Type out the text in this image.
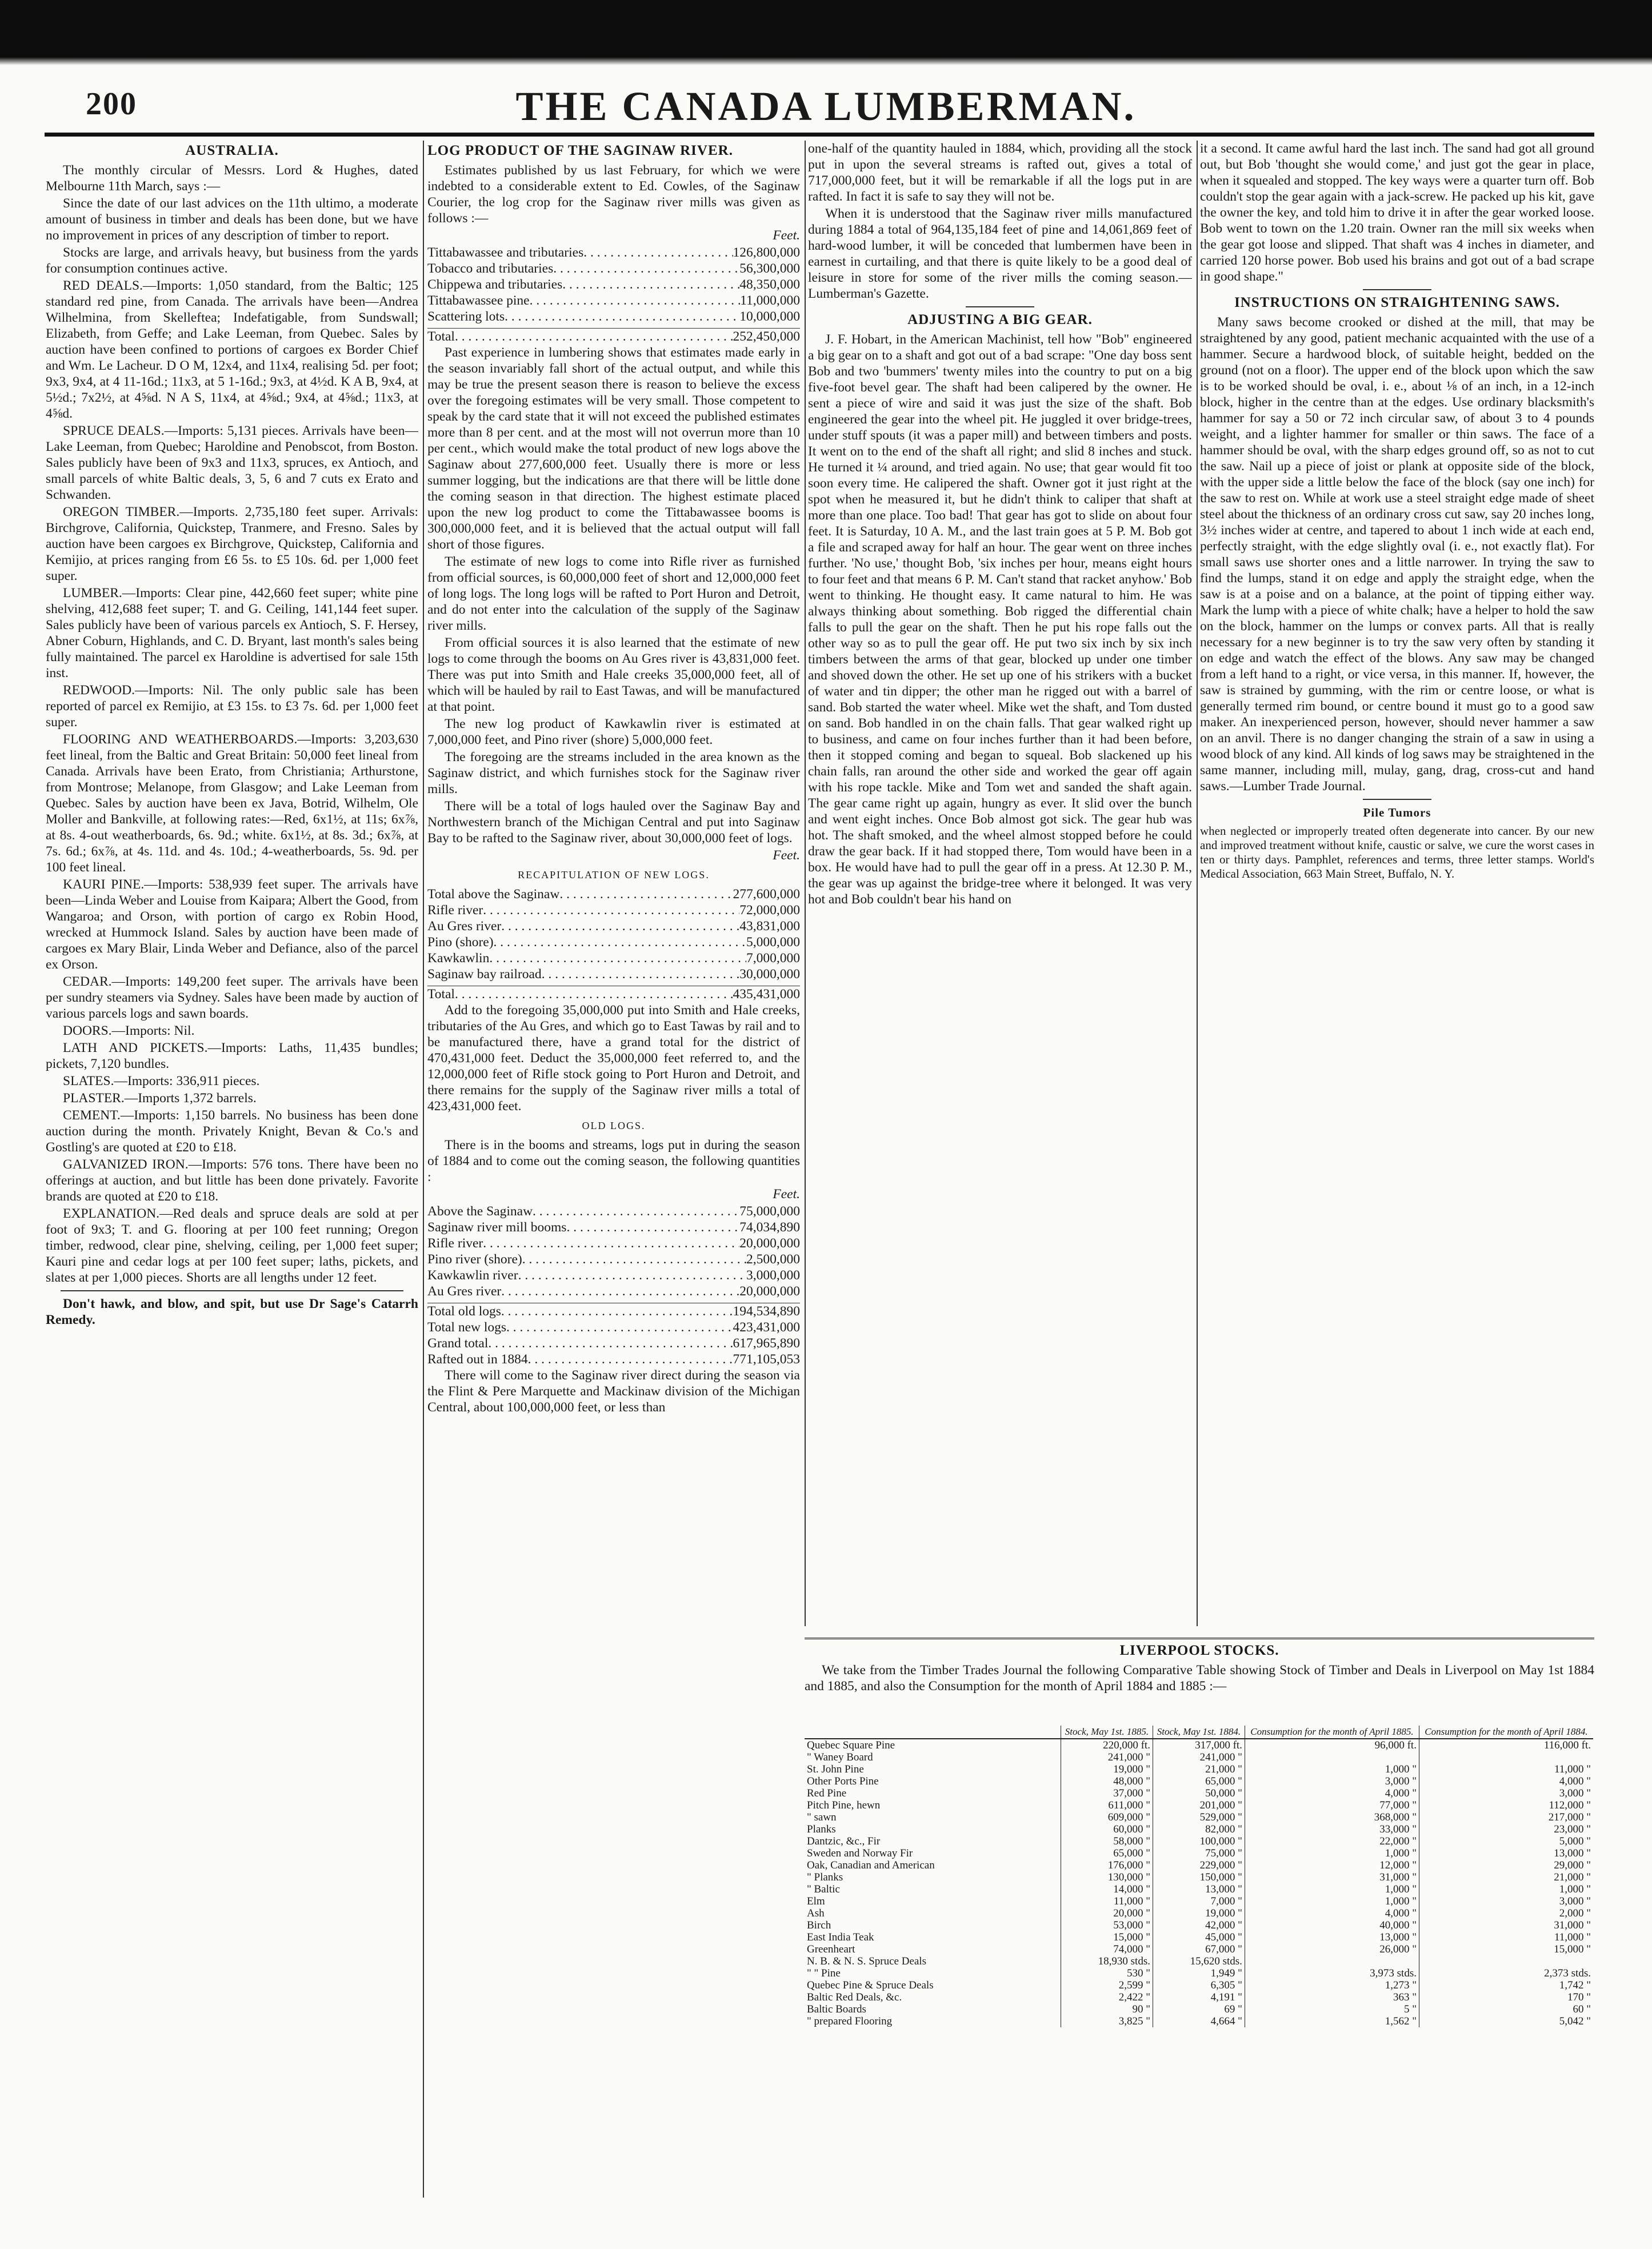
200	THE CANADA LUMBERMAN.
AUSTRALIA.

The monthly circular of Messrs. Lord & Hughes, dated Melbourne 11th March, says :—

Since the date of our last advices on the 11th ultimo, a moderate amount of business in timber and deals has been done, but we have no improvement in prices of any description of timber to report.

Stocks are large, and arrivals heavy, but business from the yards for consumption continues active.

RED DEALS.—Imports: 1,050 standard, from the Baltic; 125 standard red pine, from Canada. The arrivals have been—Andrea Wilhelmina, from Skelleftea; Indefatigable, from Sundswall; Elizabeth, from Geffe; and Lake Leeman, from Quebec. Sales by auction have been confined to portions of cargoes ex Border Chief and Wm. Le Lacheur. D O M, 12x4, and 11x4, realising 5d. per foot; 9x3, 9x4, at 4 11-16d.; 11x3, at 5 1-16d.; 9x3, at 4½d. K A B, 9x4, at 5½d.; 7x2½, at 4⅝d. N A S, 11x4, at 4⅝d.; 9x4, at 4⅝d.; 11x3, at 4⅝d.

SPRUCE DEALS.—Imports: 5,131 pieces. Arrivals have been—Lake Leeman, from Quebec; Haroldine and Penobscot, from Boston. Sales publicly have been of 9x3 and 11x3, spruces, ex Antioch, and small parcels of white Baltic deals, 3, 5, 6 and 7 cuts ex Erato and Schwanden.

OREGON TIMBER.—Imports. 2,735,180 feet super. Arrivals: Birchgrove, California, Quickstep, Tranmere, and Fresno. Sales by auction have been cargoes ex Birchgrove, Quickstep, California and Kemijio, at prices ranging from £6 5s. to £5 10s. 6d. per 1,000 feet super.

LUMBER.—Imports: Clear pine, 442,660 feet super; white pine shelving, 412,688 feet super; T. and G. Ceiling, 141,144 feet super. Sales publicly have been of various parcels ex Antioch, S. F. Hersey, Abner Coburn, Highlands, and C. D. Bryant, last month's sales being fully maintained. The parcel ex Haroldine is advertised for sale 15th inst.

REDWOOD.—Imports: Nil. The only public sale has been reported of parcel ex Remijio, at £3 15s. to £3 7s. 6d. per 1,000 feet super.

FLOORING AND WEATHERBOARDS.—Imports: 3,203,630 feet lineal, from the Baltic and Great Britain: 50,000 feet lineal from Canada. Arrivals have been Erato, from Christiania; Arthurstone, from Montrose; Melanope, from Glasgow; and Lake Leeman from Quebec. Sales by auction have been ex Java, Botrid, Wilhelm, Ole Moller and Bankville, at following rates:—Red, 6x1½, at 11s; 6x⅞, at 8s. 4-out weatherboards, 6s. 9d.; white. 6x1½, at 8s. 3d.; 6x⅞, at 7s. 6d.; 6x⅞, at 4s. 11d. and 4s. 10d.; 4-weatherboards, 5s. 9d. per 100 feet lineal.

KAURI PINE.—Imports: 538,939 feet super. The arrivals have been—Linda Weber and Louise from Kaipara; Albert the Good, from Wangaroa; and Orson, with portion of cargo ex Robin Hood, wrecked at Hummock Island. Sales by auction have been made of cargoes ex Mary Blair, Linda Weber and Defiance, also of the parcel ex Orson.

CEDAR.—Imports: 149,200 feet super. The arrivals have been per sundry steamers via Sydney. Sales have been made by auction of various parcels logs and sawn boards.

DOORS.—Imports: Nil.

LATH AND PICKETS.—Imports: Laths, 11,435 bundles; pickets, 7,120 bundles.

SLATES.—Imports: 336,911 pieces.

PLASTER.—Imports 1,372 barrels.

CEMENT.—Imports: 1,150 barrels. No business has been done auction during the month. Privately Knight, Bevan & Co.'s and Gostling's are quoted at £20 to £18.

GALVANIZED IRON.—Imports: 576 tons. There have been no offerings at auction, and but little has been done privately. Favorite brands are quoted at £20 to £18.

EXPLANATION.—Red deals and spruce deals are sold at per foot of 9x3; T. and G. flooring at per 100 feet running; Oregon timber, redwood, clear pine, shelving, ceiling, per 1,000 feet super; Kauri pine and cedar logs at per 100 feet super; laths, pickets, and slates at per 1,000 pieces. Shorts are all lengths under 12 feet.

Don't hawk, and blow, and spit, but use Dr Sage's Catarrh Remedy.

LOG PRODUCT OF THE SAGINAW RIVER.

Estimates published by us last February, for which we were indebted to a considerable extent to Ed. Cowles, of the Saginaw Courier, the log crop for the Saginaw river mills was given as follows :—

Feet.

Tittabawassee and tributaries . . .	126,800,000
Tobacco and tributaries . . .	56,300,000
Chippewa and tributaries . . .	48,350,000
Tittabawassee pine . . .	11,000,000
Scattering lots . . .	10,000,000
Total . . .	252,450,000

Past experience in lumbering shows that estimates made early in the season invariably fall short of the actual output, and while this may be true the present season there is reason to believe the excess over the foregoing estimates will be very small. Those competent to speak by the card state that it will not exceed the published estimates more than 8 per cent. and at the most will not overrun more than 10 per cent., which would make the total product of new logs above the Saginaw about 277,600,000 feet. Usually there is more or less summer logging, but the indications are that there will be little done the coming season in that direction. The highest estimate placed upon the new log product to come the Tittabawassee booms is 300,000,000 feet, and it is believed that the actual output will fall short of those figures.

The estimate of new logs to come into Rifle river as furnished from official sources, is 60,000,000 feet of short and 12,000,000 feet of long logs. The long logs will be rafted to Port Huron and Detroit, and do not enter into the calculation of the supply of the Saginaw river mills.

From official sources it is also learned that the estimate of new logs to come through the booms on Au Gres river is 43,831,000 feet. There was put into Smith and Hale creeks 35,000,000 feet, all of which will be hauled by rail to East Tawas, and will be manufactured at that point.

The new log product of Kawkawlin river is estimated at 7,000,000 feet, and Pino river (shore) 5,000,000 feet.

The foregoing are the streams included in the area known as the Saginaw district, and which furnishes stock for the Saginaw river mills.

There will be a total of logs hauled over the Saginaw Bay and Northwestern branch of the Michigan Central and put into Saginaw Bay to be rafted to the Saginaw river, about 30,000,000 feet of logs.

Feet.

RECAPITULATION OF NEW LOGS.
Total above the Saginaw . . .	277,600,000
Rifle river . . .	72,000,000
Au Gres river . . .	43,831,000
Pino (shore) . . .	5,000,000
Kawkawlin . . .	7,000,000
Saginaw bay railroad . . .	30,000,000
Total . . .	435,431,000

Add to the foregoing 35,000,000 put into Smith and Hale creeks, tributaries of the Au Gres, and which go to East Tawas by rail and to be manufactured there, have a grand total for the district of 470,431,000 feet. Deduct the 35,000,000 feet referred to, and the 12,000,000 feet of Rifle stock going to Port Huron and Detroit, and there remains for the supply of the Saginaw river mills a total of 423,431,000 feet.

OLD LOGS.

There is in the booms and streams, logs put in during the season of 1884 and to come out the coming season, the following quantities :

Feet.

Above the Saginaw . . .	75,000,000
Saginaw river mill booms . . .	74,034,890
Rifle river . . .	20,000,000
Pino river (shore) . . .	2,500,000
Kawkawlin river . . .	3,000,000
Au Gres river . . .	20,000,000
Total old logs . . .	194,534,890
Total new logs . . .	423,431,000
Grand total . . .	617,965,890
Rafted out in 1884 . . .	771,105,053

There will come to the Saginaw river direct during the season via the Flint & Pere Marquette and Mackinaw division of the Michigan Central, about 100,000,000 feet, or less than

one-half of the quantity hauled in 1884, which, providing all the stock put in upon the several streams is rafted out, gives a total of 717,000,000 feet, but it will be remarkable if all the logs put in are rafted. In fact it is safe to say they will not be.

When it is understood that the Saginaw river mills manufactured during 1884 a total of 964,135,184 feet of pine and 14,061,869 feet of hard-wood lumber, it will be conceded that lumbermen have been in earnest in curtailing, and that there is quite likely to be a good deal of leisure in store for some of the river mills the coming season.—Lumberman's Gazette.

ADJUSTING A BIG GEAR.

J. F. Hobart, in the American Machinist, tell how "Bob" engineered a big gear on to a shaft and got out of a bad scrape: "One day boss sent Bob and two 'bummers' twenty miles into the country to put on a big five-foot bevel gear. The shaft had been calipered by the owner. He sent a piece of wire and said it was just the size of the shaft. Bob engineered the gear into the wheel pit. He juggled it over bridge-trees, under stuff spouts (it was a paper mill) and between timbers and posts. It went on to the end of the shaft all right; and slid 8 inches and stuck. He turned it ¼ around, and tried again. No use; that gear would fit too soon every time. He calipered the shaft. Owner got it just right at the spot when he measured it, but he didn't think to caliper that shaft at more than one place. Too bad! That gear has got to slide on about four feet. It is Saturday, 10 A. M., and the last train goes at 5 P. M. Bob got a file and scraped away for half an hour. The gear went on three inches further. 'No use,' thought Bob, 'six inches per hour, means eight hours to four feet and that means 6 P. M. Can't stand that racket anyhow.' Bob went to thinking. He thought easy. It came natural to him. He was always thinking about something. Bob rigged the differential chain falls to pull the gear on the shaft. Then he put his rope falls out the other way so as to pull the gear off. He put two six inch by six inch timbers between the arms of that gear, blocked up under one timber and shoved down the other. He set up one of his strikers with a bucket of water and tin dipper; the other man he rigged out with a barrel of sand. Bob started the water wheel. Mike wet the shaft, and Tom dusted on sand. Bob handled in on the chain falls. That gear walked right up to business, and came on four inches further than it had been before, then it stopped coming and began to squeal. Bob slackened up his chain falls, ran around the other side and worked the gear off again with his rope tackle. Mike and Tom wet and sanded the shaft again. The gear came right up again, hungry as ever. It slid over the bunch and went eight inches. Once Bob almost got sick. The gear hub was hot. The shaft smoked, and the wheel almost stopped before he could draw the gear back. If it had stopped there, Tom would have been in a box. He would have had to pull the gear off in a press. At 12.30 P. M., the gear was up against the bridge-tree where it belonged. It was very hot and Bob couldn't bear his hand on

it a second. It came awful hard the last inch. The sand had got all ground out, but Bob 'thought she would come,' and just got the gear in place, when it squealed and stopped. The key ways were a quarter turn off. Bob couldn't stop the gear again with a jack-screw. He packed up his kit, gave the owner the key, and told him to drive it in after the gear worked loose. Bob went to town on the 1.20 train. Owner ran the mill six weeks when the gear got loose and slipped. That shaft was 4 inches in diameter, and carried 120 horse power. Bob used his brains and got out of a bad scrape in good shape."

INSTRUCTIONS ON STRAIGHTENING SAWS.

Many saws become crooked or dished at the mill, that may be straightened by any good, patient mechanic acquainted with the use of a hammer. Secure a hardwood block, of suitable height, bedded on the ground (not on a floor). The upper end of the block upon which the saw is to be worked should be oval, i. e., about ⅛ of an inch, in a 12-inch block, higher in the centre than at the edges. Use ordinary blacksmith's hammer for say a 50 or 72 inch circular saw, of about 3 to 4 pounds weight, and a lighter hammer for smaller or thin saws. The face of a hammer should be oval, with the sharp edges ground off, so as not to cut the saw. Nail up a piece of joist or plank at opposite side of the block, with the upper side a little below the face of the block (say one inch) for the saw to rest on. While at work use a steel straight edge made of sheet steel about the thickness of an ordinary cross cut saw, say 20 inches long, 3½ inches wider at centre, and tapered to about 1 inch wide at each end, perfectly straight, with the edge slightly oval (i. e., not exactly flat). For small saws use shorter ones and a little narrower. In trying the saw to find the lumps, stand it on edge and apply the straight edge, when the saw is at a poise and on a balance, at the point of tipping either way. Mark the lump with a piece of white chalk; have a helper to hold the saw on the block, hammer on the lumps or convex parts. All that is really necessary for a new beginner is to try the saw very often by standing it on edge and watch the effect of the blows. Any saw may be changed from a left hand to a right, or vice versa, in this manner. If, however, the saw is strained by gumming, with the rim or centre loose, or what is generally termed rim bound, or centre bound it must go to a good saw maker. An inexperienced person, however, should never hammer a saw on an anvil. There is no danger changing the strain of a saw in using a wood block of any kind. All kinds of log saws may be straightened in the same manner, including mill, mulay, gang, drag, cross-cut and hand saws.—Lumber Trade Journal.

Pile Tumors

when neglected or improperly treated often degenerate into cancer. By our new and improved treatment without knife, caustic or salve, we cure the worst cases in ten or thirty days. Pamphlet, references and terms, three letter stamps. World's Medical Association, 663 Main Street, Buffalo, N. Y.

LIVERPOOL STOCKS.

We take from the Timber Trades Journal the following Comparative Table showing Stock of Timber and Deals in Liverpool on May 1st 1884 and 1885, and also the Consumption for the month of April 1884 and 1885 :—

	Stock, May 1st. 1885.	Stock, May 1st. 1884.	Consumption for the month of April 1885.	Consumption for the month of April 1884.
Quebec Square Pine	220,000 ft.	317,000 ft.	96,000 ft.	116,000 ft.
" Waney Board	241,000 "	241,000 "		
St. John Pine	19,000 "	21,000 "	1,000 "	11,000 "
Other Ports Pine	48,000 "	65,000 "	3,000 "	4,000 "
Red Pine	37,000 "	50,000 "	4,000 "	3,000 "
Pitch Pine, hewn	611,000 "	201,000 "	77,000 "	112,000 "
" sawn	609,000 "	529,000 "	368,000 "	217,000 "
Planks	60,000 "	82,000 "	33,000 "	23,000 "
Dantzic, &c., Fir	58,000 "	100,000 "	22,000 "	5,000 "
Sweden and Norway Fir	65,000 "	75,000 "	1,000 "	13,000 "
Oak, Canadian and American	176,000 "	229,000 "	12,000 "	29,000 "
" Planks	130,000 "	150,000 "	31,000 "	21,000 "
" Baltic	14,000 "	13,000 "	1,000 "	1,000 "
Elm	11,000 "	7,000 "	1,000 "	3,000 "
Ash	20,000 "	19,000 "	4,000 "	2,000 "
Birch	53,000 "	42,000 "	40,000 "	31,000 "
East India Teak	15,000 "	45,000 "	13,000 "	11,000 "
Greenheart	74,000 "	67,000 "	26,000 "	15,000 "
N. B. & N. S. Spruce Deals	18,930 stds.	15,620 stds.		
" " Pine	530 "	1,949 "	3,973 stds.	2,373 stds.
Quebec Pine & Spruce Deals	2,599 "	6,305 "	1,273 "	1,742 "
Baltic Red Deals, &c.	2,422 "	4,191 "	363 "	170 "
Baltic Boards	90 "	69 "	5 "	60 "
" prepared Flooring	3,825 "	4,664 "	1,562 "	5,042 "
